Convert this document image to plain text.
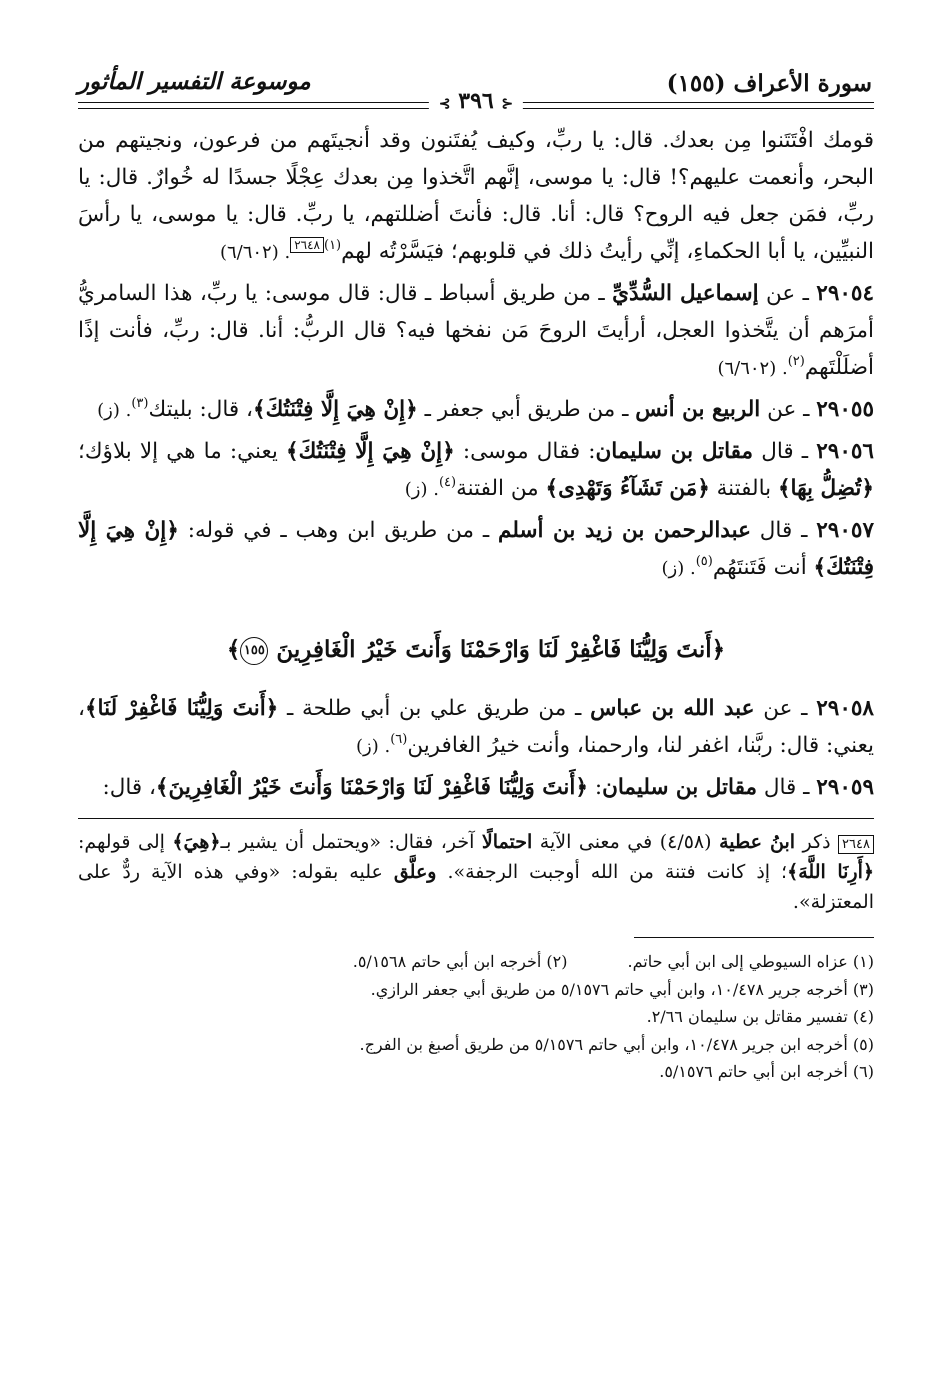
سورة الأعراف (١٥٥)
⊰ ٣٩٦ ⊱
موسوعة التفسير المأثور

قومك افْتَتَنوا مِن بعدك. قال: يا ربِّ، وكيف يُفتَنون وقد أنجيتَهم من فرعون، ونجيتهم من البحر، وأنعمت عليهم؟! قال: يا موسى، إنَّهم اتَّخذوا مِن بعدك عِجْلًا جسدًا له خُوارٌ. قال: يا ربِّ، فمَن جعل فيه الروح؟ قال: أنا. قال: فأنتَ أضللتهم، يا ربِّ. قال: يا موسى، يا رأسَ النبيِّين، يا أبا الحكماءِ، إنِّي رأيتُ ذلك في قلوبهم؛ فيَسَّرْتُه لهم$^{(١)}$٢٦٤٨. (٦/٦٠٢)

٢٩٠٥٤ ـ عن إسماعيل السُّدِّيِّ ـ من طريق أسباط ـ قال: قال موسى: يا ربِّ، هذا السامريُّ أمرَهم أن يتَّخذوا العجل، أرأيتَ الروحَ مَن نفخها فيه؟ قال الربُّ: أنا. قال: ربِّ، فأنت إذًا أضلَلْتَهم$^{(٢)}$. (٦/٦٠٢)

٢٩٠٥٥ ـ عن الربيع بن أنس ـ من طريق أبي جعفر ـ ﴿إِنْ هِيَ إِلَّا فِتْنَتُكَ﴾، قال: بليتك$^{(٣)}$. (ز)

٢٩٠٥٦ ـ قال مقاتل بن سليمان: فقال موسى: ﴿إِنْ هِيَ إِلَّا فِتْنَتُكَ﴾ يعني: ما هي إلا بلاؤك؛ ﴿تُضِلُّ بِهَا﴾ بالفتنة ﴿مَن تَشَآءُ وَتَهْدِى﴾ من الفتنة$^{(٤)}$. (ز)

٢٩٠٥٧ ـ قال عبدالرحمن بن زيد بن أسلم ـ من طريق ابن وهب ـ في قوله: ﴿إِنْ هِيَ إِلَّا فِتْنَتُكَ﴾ أنت فَتَنتَهُم$^{(٥)}$. (ز)

﴿أَنتَ وَلِيُّنَا فَاغْفِرْ لَنَا وَارْحَمْنَا وَأَنتَ خَيْرُ الْغَافِرِينَ ١٥٥﴾

٢٩٠٥٨ ـ عن عبد الله بن عباس ـ من طريق علي بن أبي طلحة ـ ﴿أَنتَ وَلِيُّنَا فَاغْفِرْ لَنَا﴾، يعني: قال: ربَّنا، اغفر لنا، وارحمنا، وأنت خيرُ الغافرين$^{(٦)}$. (ز)

٢٩٠٥٩ ـ قال مقاتل بن سليمان: ﴿أَنتَ وَلِيُّنَا فَاغْفِرْ لَنَا وَارْحَمْنَا وَأَنتَ خَيْرُ الْغَافِرِينَ﴾، قال:

٢٦٤٨ ذكر ابنُ عطية (٤/٥٨) في معنى الآية احتمالًا آخر، فقال: «ويحتمل أن يشير بـ﴿هِيَ﴾ إلى قولهم: ﴿أَرِنَا اللَّهَ﴾؛ إذ كانت فتنة من الله أوجبت الرجفة». وعلَّق عليه بقوله: «وفي هذه الآية ردٌّ على المعتزلة».
(١) عزاه السيوطي إلى ابن أبي حاتم.(٢) أخرجه ابن أبي حاتم ٥/١٥٦٨.
(٣) أخرجه جرير ١٠/٤٧٨، وابن أبي حاتم ٥/١٥٧٦ من طريق أبي جعفر الرازي.
(٤) تفسير مقاتل بن سليمان ٢/٦٦.
(٥) أخرجه ابن جرير ١٠/٤٧٨، وابن أبي حاتم ٥/١٥٧٦ من طريق أصبغ بن الفرج.
(٦) أخرجه ابن أبي حاتم ٥/١٥٧٦.
